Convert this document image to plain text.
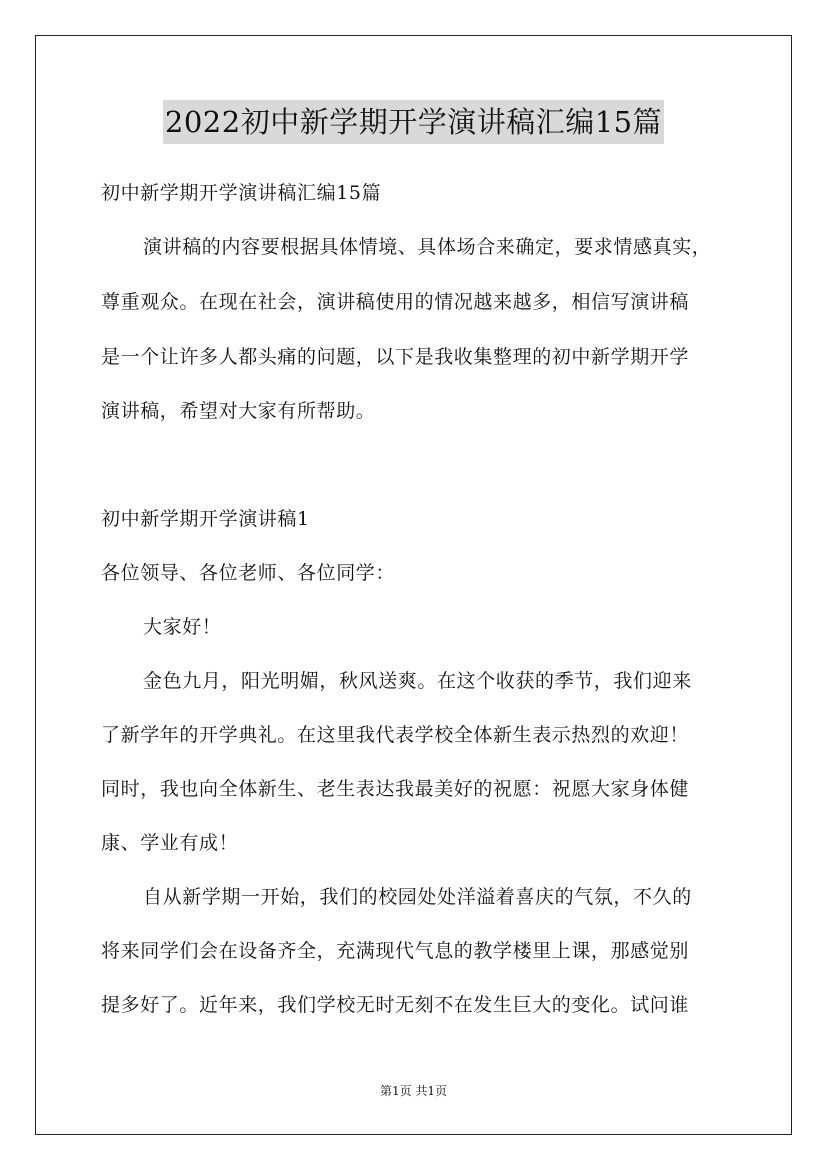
2022初中新学期开学演讲稿汇编15篇
初中新学期开学演讲稿汇编15篇
演讲稿的内容要根据具体情境、具体场合来确定，要求情感真实，
尊重观众。在现在社会，演讲稿使用的情况越来越多，相信写演讲稿
是一个让许多人都头痛的问题，以下是我收集整理的初中新学期开学
演讲稿，希望对大家有所帮助。
初中新学期开学演讲稿1
各位领导、各位老师、各位同学：
大家好！
金色九月，阳光明媚，秋风送爽。在这个收获的季节，我们迎来
了新学年的开学典礼。在这里我代表学校全体新生表示热烈的欢迎！
同时，我也向全体新生、老生表达我最美好的祝愿：祝愿大家身体健
康、学业有成！
自从新学期一开始，我们的校园处处洋溢着喜庆的气氛，不久的
将来同学们会在设备齐全，充满现代气息的教学楼里上课，那感觉别
提多好了。近年来，我们学校无时无刻不在发生巨大的变化。试问谁
第1页 共1页
